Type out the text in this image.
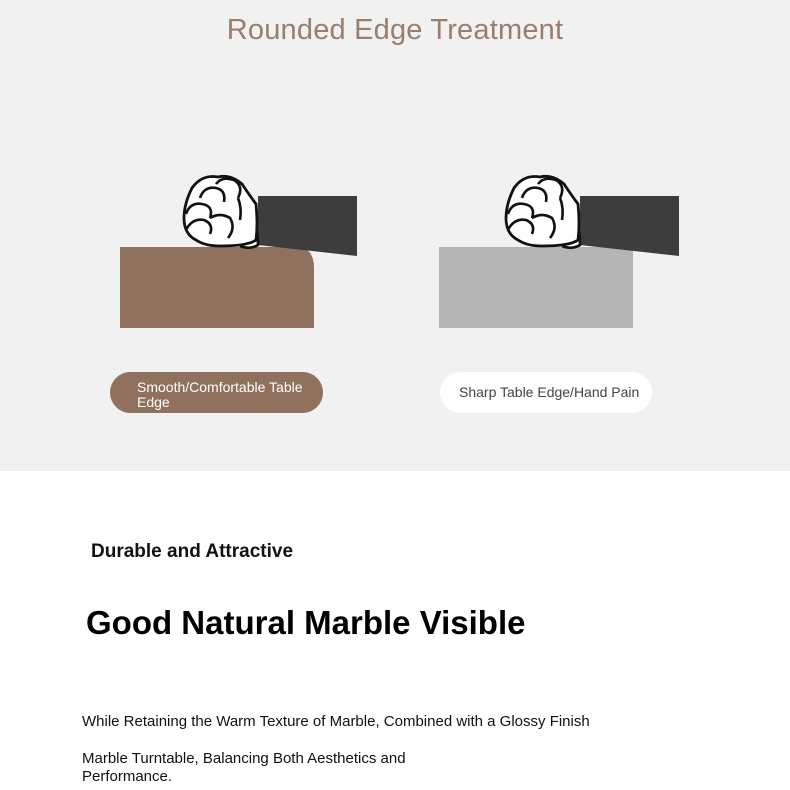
Rounded Edge Treatment
Smooth/Comfortable Table Edge
Sharp Table Edge/Hand Pain
Durable and Attractive
Good Natural Marble Visible
While Retaining the Warm Texture of Marble, Combined with a Glossy Finish
Marble Turntable, Balancing Both Aesthetics and Performance.
